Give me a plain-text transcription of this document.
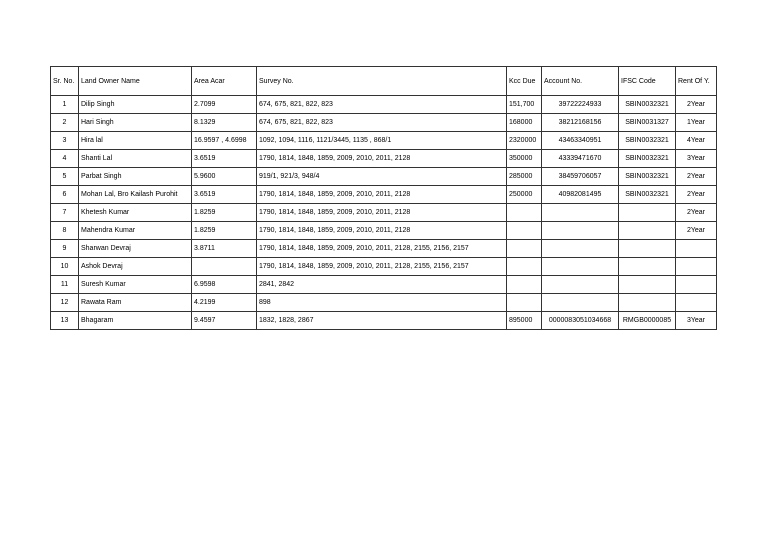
Sr. No.	Land Owner Name	Area Acar	Survey No.	Kcc Due	Account No.	IFSC Code	Rent Of Y.
1	Dilip Singh	2.7099	674, 675, 821, 822, 823	151,700	39722224933	SBIN0032321	2Year
2	Hari Singh	8.1329	674, 675, 821, 822, 823	168000	38212168156	SBIN0031327	1Year
3	Hira lal	16.9597 , 4.6998	1092, 1094, 1116, 1121/3445, 1135 , 868/1	2320000	43463340951	SBIN0032321	4Year
4	Shanti Lal	3.6519	1790, 1814, 1848, 1859, 2009, 2010, 2011, 2128	350000	43339471670	SBIN0032321	3Year
5	Parbat Singh	5.9600	919/1, 921/3, 948/4	285000	38459706057	SBIN0032321	2Year
6	Mohan Lal, Bro Kailash Purohit	3.6519	1790, 1814, 1848, 1859, 2009, 2010, 2011, 2128	250000	40982081495	SBIN0032321	2Year
7	Khetesh Kumar	1.8259	1790, 1814, 1848, 1859, 2009, 2010, 2011, 2128				2Year
8	Mahendra Kumar	1.8259	1790, 1814, 1848, 1859, 2009, 2010, 2011, 2128				2Year
9	Sharwan Devraj	3.8711	1790, 1814, 1848, 1859, 2009, 2010, 2011, 2128, 2155, 2156, 2157				
10	Ashok Devraj		1790, 1814, 1848, 1859, 2009, 2010, 2011, 2128, 2155, 2156, 2157				
11	Suresh Kumar	6.9598	2841, 2842				
12	Rawata Ram	4.2199	898				
13	Bhagaram	9.4597	1832, 1828, 2867	895000	0000083051034668	RMGB0000085	3Year
